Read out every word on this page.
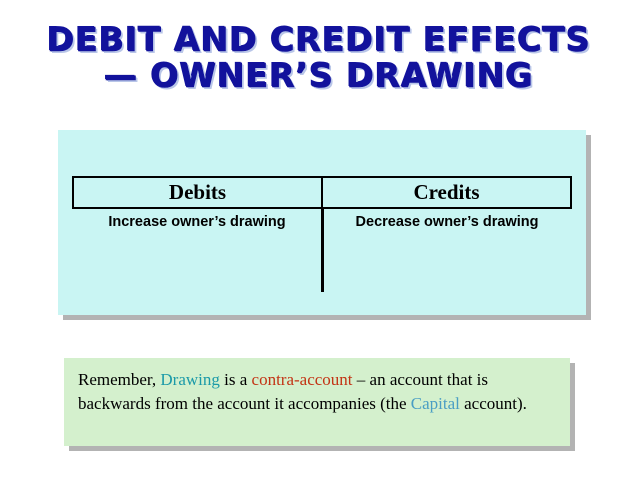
DEBIT AND CREDIT EFFECTS
— OWNER’S DRAWING
Debits	Credits
Increase owner’s drawing	Decrease owner’s drawing
Remember, Drawing is a contra-account – an account that is backwards from the account it accompanies (the Capital account).
